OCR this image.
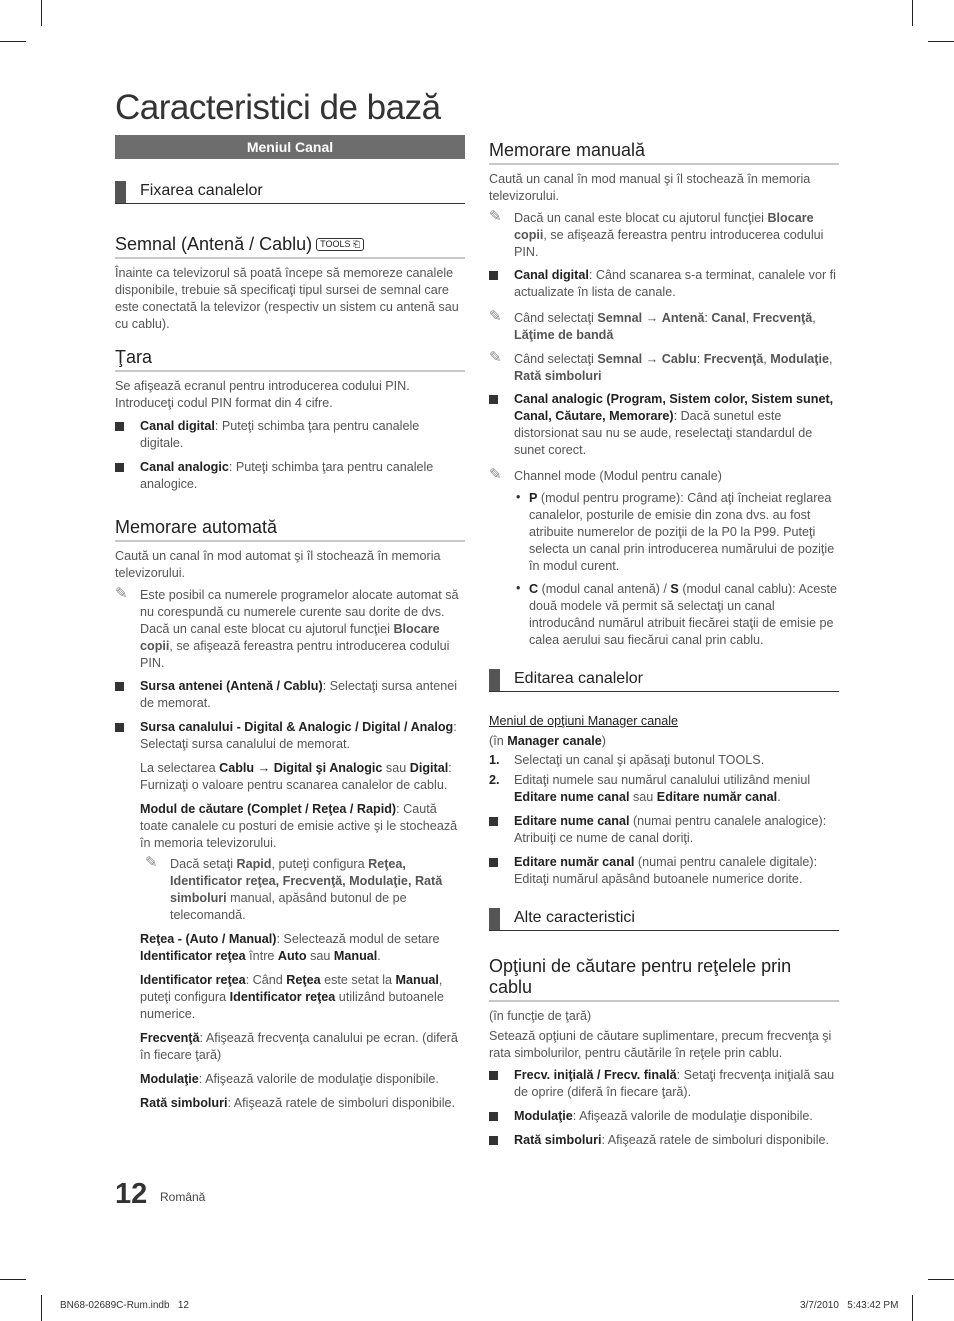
Caracteristici de bază
Meniul Canal
Fixarea canalelor
Semnal (Antenă / Cablu) TOOLS ⎗

Înainte ca televizorul să poată începe să memoreze canalele disponibile, trebuie să specificaţi tipul sursei de semnal care este conectată la televizor (respectiv un sistem cu antenă sau cu cablu).

Ţara

Se afişează ecranul pentru introducerea codului PIN. Introduceţi codul PIN format din 4 cifre.

Canal digital: Puteţi schimba ţara pentru canalele digitale.
Canal analogic: Puteţi schimba ţara pentru canalele analogice.
Memorare automată

Caută un canal în mod automat şi îl stochează în memoria televizorului.

✎ Este posibil ca numerele programelor alocate automat să nu corespundă cu numerele curente sau dorite de dvs. Dacă un canal este blocat cu ajutorul funcţiei Blocare copii, se afişează fereastra pentru introducerea codului PIN.
Sursa antenei (Antenă / Cablu): Selectaţi sursa antenei de memorat.
Sursa canalului - Digital & Analogic / Digital / Analog: Selectaţi sursa canalului de memorat.

La selectarea Cablu → Digital şi Analogic sau Digital: Furnizaţi o valoare pentru scanarea canalelor de cablu.

Modul de căutare (Complet / Reţea / Rapid): Caută toate canalele cu posturi de emisie active şi le stochează în memoria televizorului.

✎ Dacă setaţi Rapid, puteţi configura Reţea, Identificator reţea, Frecvenţă, Modulaţie, Rată simboluri manual, apăsând butonul de pe telecomandă.

Reţea - (Auto / Manual): Selectează modul de setare Identificator reţea între Auto sau Manual.

Identificator reţea: Când Reţea este setat la Manual, puteţi configura Identificator reţea utilizând butoanele numerice.

Frecvenţă: Afişează frecvenţa canalului pe ecran. (diferă în fiecare ţară)

Modulaţie: Afişează valorile de modulaţie disponibile.

Rată simboluri: Afişează ratele de simboluri disponibile.

Memorare manuală

Caută un canal în mod manual şi îl stochează în memoria televizorului.

✎ Dacă un canal este blocat cu ajutorul funcţiei Blocare copii, se afişează fereastra pentru introducerea codului PIN.
Canal digital: Când scanarea s-a terminat, canalele vor fi actualizate în lista de canale.
✎ Când selectaţi Semnal → Antenă: Canal, Frecvenţă, Lăţime de bandă
✎ Când selectaţi Semnal → Cablu: Frecvenţă, Modulaţie, Rată simboluri
Canal analogic (Program, Sistem color, Sistem sunet, Canal, Căutare, Memorare): Dacă sunetul este distorsionat sau nu se aude, reselectaţi standardul de sunet corect.
✎ Channel mode (Modul pentru canale)
• P (modul pentru programe): Când aţi încheiat reglarea canalelor, posturile de emisie din zona dvs. au fost atribuite numerelor de poziţii de la P0 la P99. Puteţi selecta un canal prin introducerea numărului de poziţie în modul curent.
• C (modul canal antenă) / S (modul canal cablu): Aceste două modele vă permit să selectaţi un canal introducând numărul atribuit fiecărei staţii de emisie pe calea aerului sau fiecărui canal prin cablu.
Editarea canalelor
Meniul de opţiuni Manager canale

(în Manager canale)

1. Selectaţi un canal şi apăsaţi butonul TOOLS.
2. Editaţi numele sau numărul canalului utilizând meniul Editare nume canal sau Editare număr canal.
Editare nume canal (numai pentru canalele analogice): Atribuiţi ce nume de canal doriţi.
Editare număr canal (numai pentru canalele digitale): Editaţi numărul apăsând butoanele numerice dorite.
Alte caracteristici
Opţiuni de căutare pentru reţelele prin cablu

(în funcţie de ţară)

Setează opţiuni de căutare suplimentare, precum frecvenţa şi rata simbolurilor, pentru căutările în reţele prin cablu.

Frecv. iniţială / Frecv. finală: Setaţi frecvenţa iniţială sau de oprire (diferă în fiecare ţară).
Modulaţie: Afişează valorile de modulaţie disponibile.
Rată simboluri: Afişează ratele de simboluri disponibile.
12 Română
BN68-02689C-Rum.indb   12	3/7/2010   5:43:42 PM
